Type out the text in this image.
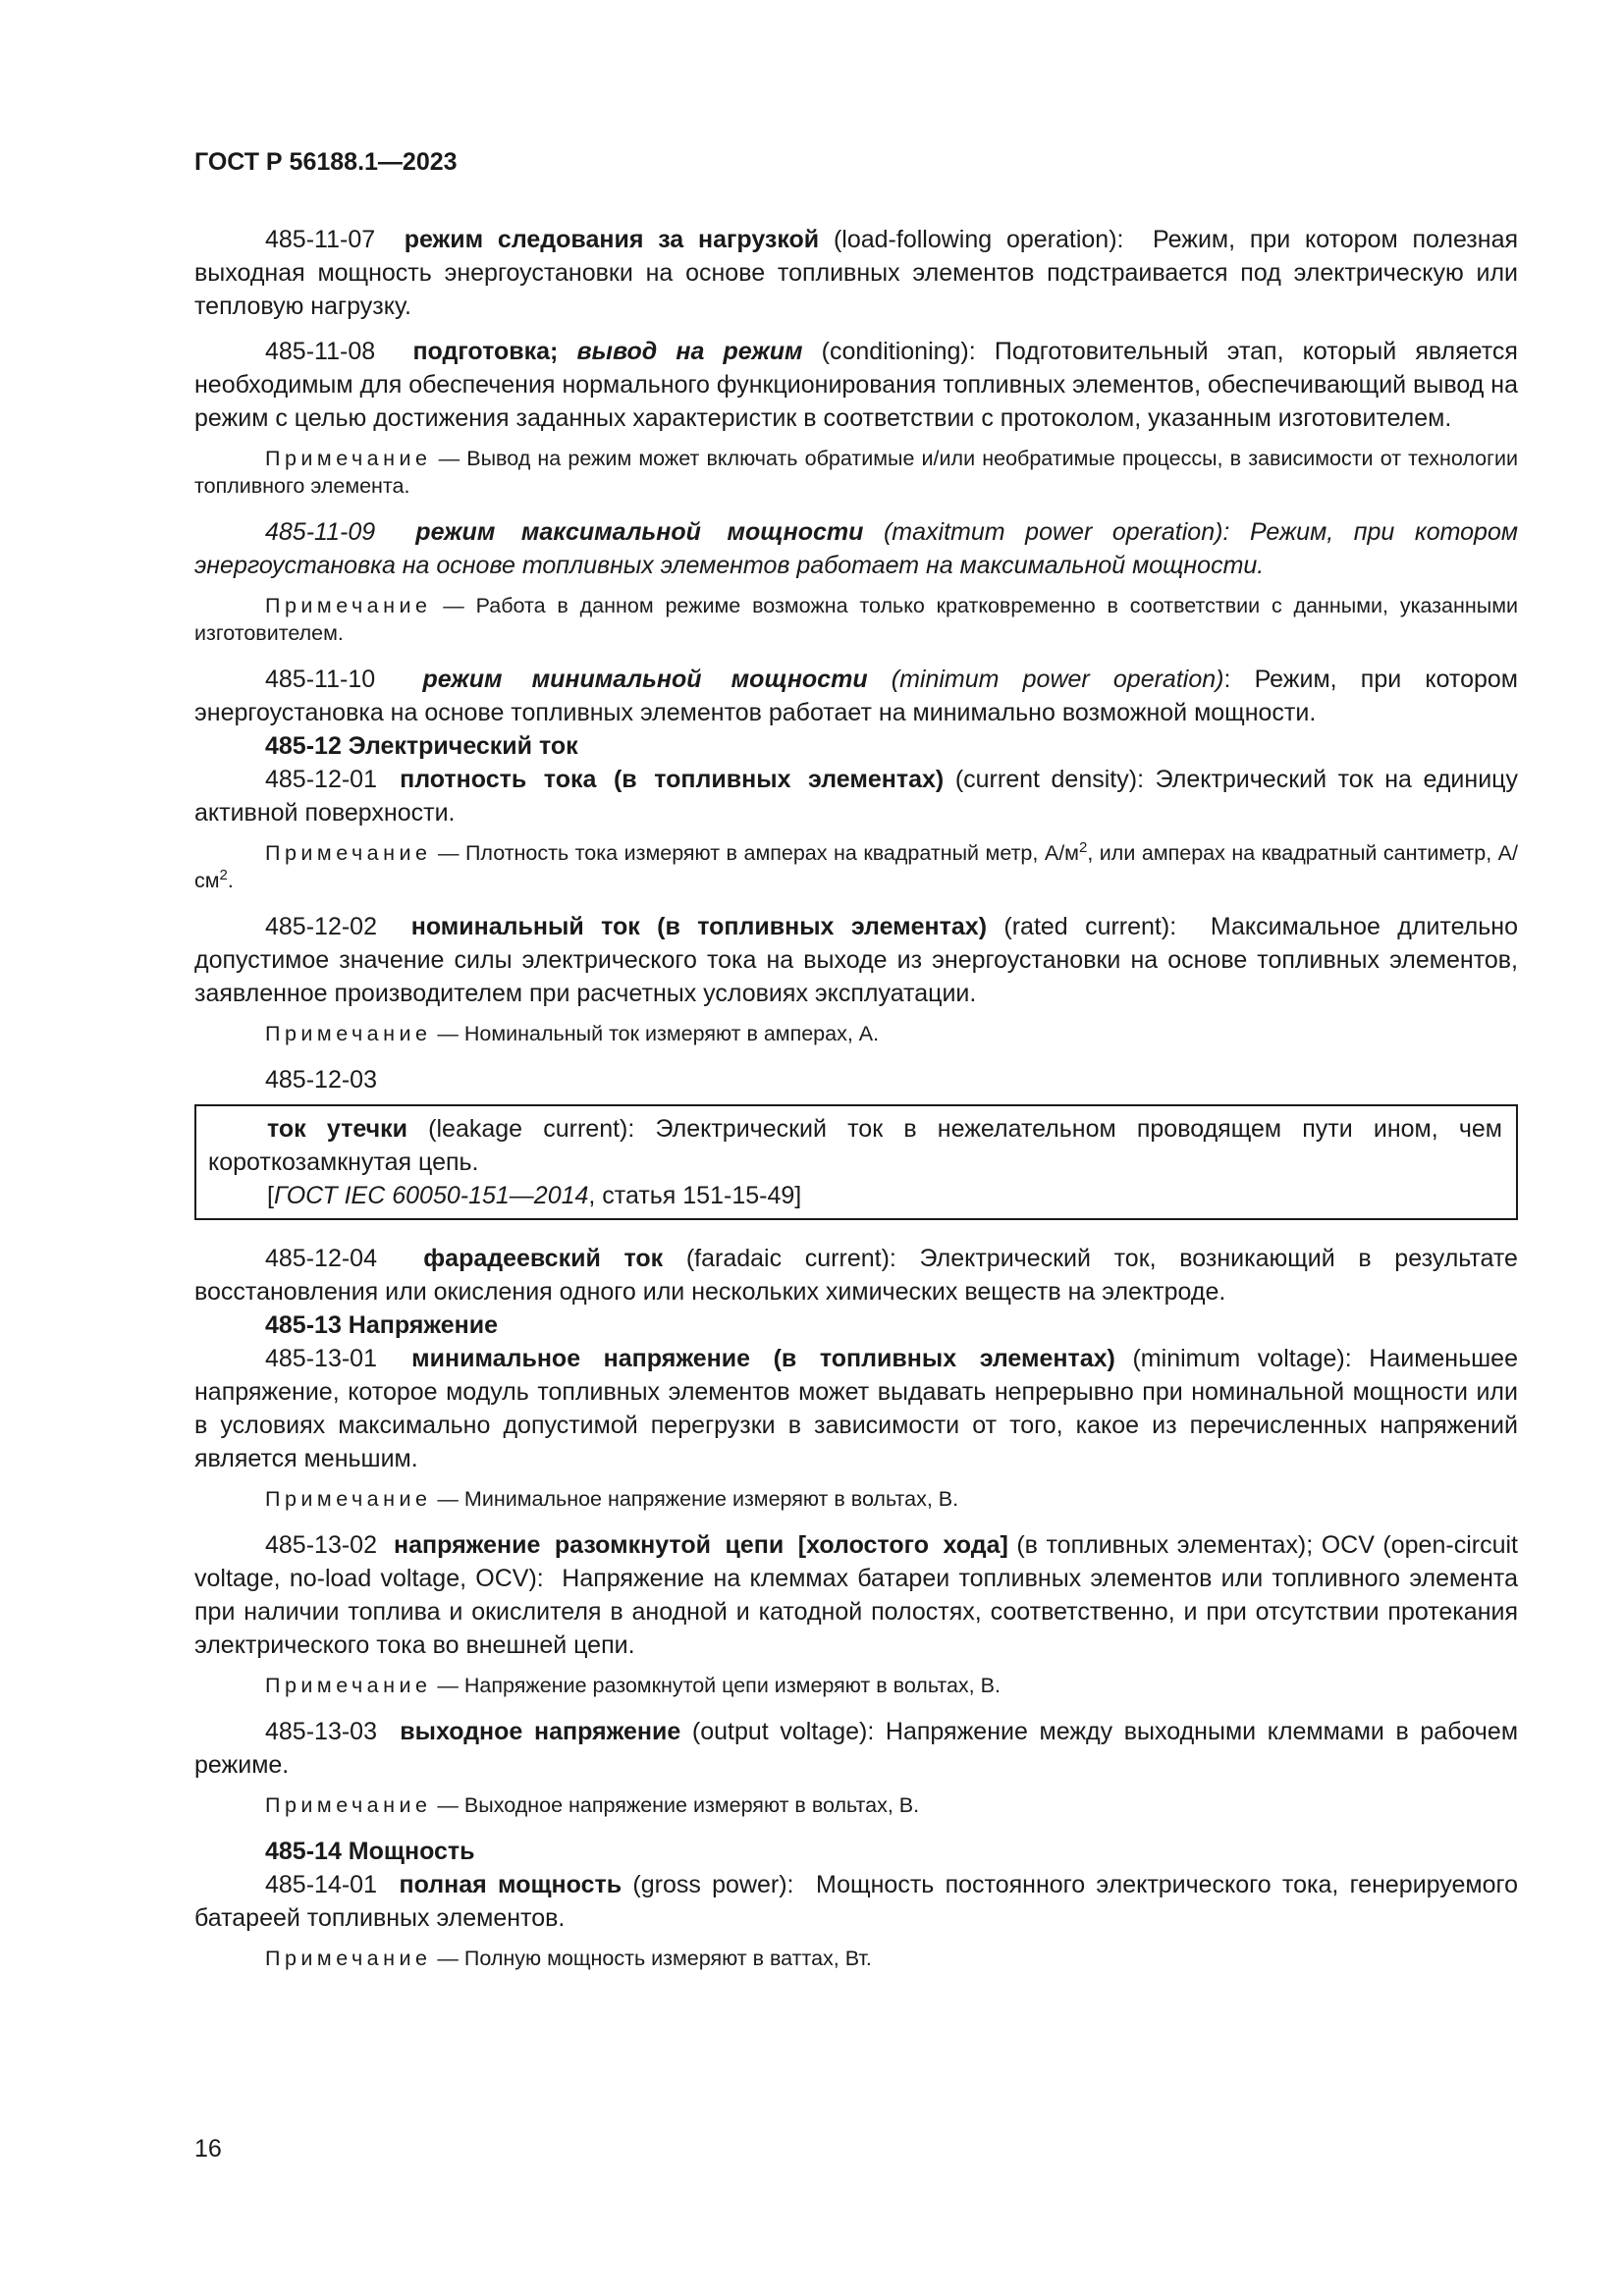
ГОСТ Р 56188.1—2023

485-11-07 режим следования за нагрузкой (load-following operation): Режим, при котором полезная выходная мощность энергоустановки на основе топливных элементов подстраивается под электрическую или тепловую нагрузку.

485-11-08 подготовка; вывод на режим (conditioning): Подготовительный этап, который является необходимым для обеспечения нормального функционирования топливных элементов, обеспечивающий вывод на режим с целью достижения заданных характеристик в соответствии с протоколом, указанным изготовителем.

Примечание — Вывод на режим может включать обратимые и/или необратимые процессы, в зависимости от технологии топливного элемента.

485-11-09 режим максимальной мощности (maxitmum power operation): Режим, при котором энергоустановка на основе топливных элементов работает на максимальной мощности.

Примечание — Работа в данном режиме возможна только кратковременно в соответствии с данными, указанными изготовителем.

485-11-10 режим минимальной мощности (minimum power operation): Режим, при котором энергоустановка на основе топливных элементов работает на минимально возможной мощности.

485-12 Электрический ток

485-12-01 плотность тока (в топливных элементах) (current density): Электрический ток на единицу активной поверхности.

Примечание — Плотность тока измеряют в амперах на квадратный метр, $А/м^2$, или амперах на квадратный сантиметр, $А/см^2$.

485-12-02 номинальный ток (в топливных элементах) (rated current): Максимальное длительно допустимое значение силы электрического тока на выходе из энергоустановки на основе топливных элементов, заявленное производителем при расчетных условиях эксплуатации.

Примечание — Номинальный ток измеряют в амперах, А.

485-12-03

ток утечки (leakage current): Электрический ток в нежелательном проводящем пути ином, чем короткозамкнутая цепь.

[ГОСТ IEC 60050-151—2014, статья 151-15-49]

485-12-04 фарадеевский ток (faradaic current): Электрический ток, возникающий в результате восстановления или окисления одного или нескольких химических веществ на электроде.

485-13 Напряжение

485-13-01 минимальное напряжение (в топливных элементах) (minimum voltage): Наименьшее напряжение, которое модуль топливных элементов может выдавать непрерывно при номинальной мощности или в условиях максимально допустимой перегрузки в зависимости от того, какое из перечисленных напряжений является меньшим.

Примечание — Минимальное напряжение измеряют в вольтах, В.

485-13-02 напряжение разомкнутой цепи [холостого хода] (в топливных элементах); OCV (open-circuit voltage, no-load voltage, OCV): Напряжение на клеммах батареи топливных элементов или топливного элемента при наличии топлива и окислителя в анодной и катодной полостях, соответственно, и при отсутствии протекания электрического тока во внешней цепи.

Примечание — Напряжение разомкнутой цепи измеряют в вольтах, В.

485-13-03 выходное напряжение (output voltage): Напряжение между выходными клеммами в рабочем режиме.

Примечание — Выходное напряжение измеряют в вольтах, В.

485-14 Мощность

485-14-01 полная мощность (gross power): Мощность постоянного электрического тока, генерируемого батареей топливных элементов.

Примечание — Полную мощность измеряют в ваттах, Вт.

16
